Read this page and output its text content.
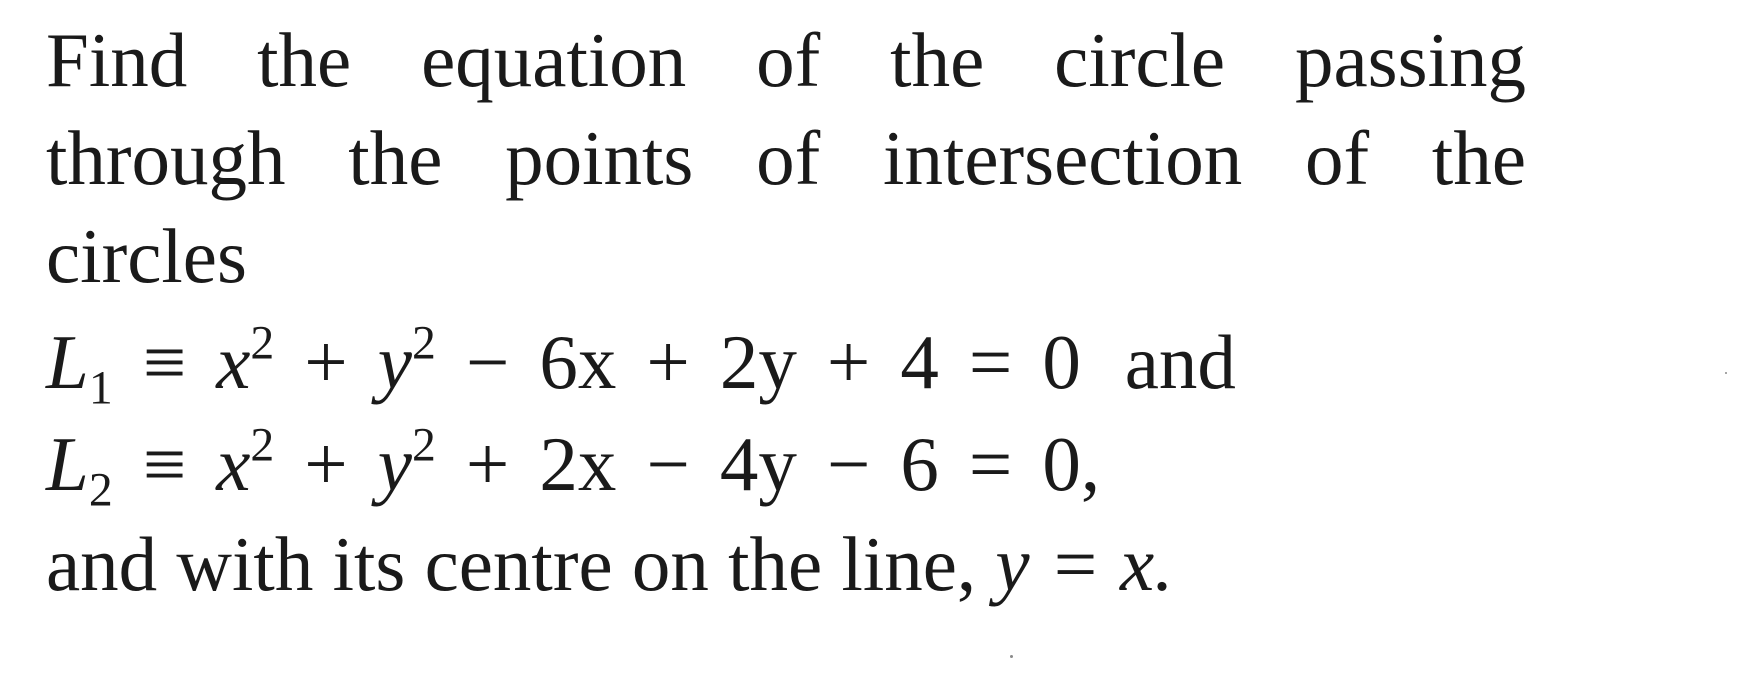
Find the equation of the circle passing
through the points of intersection of the
circles
$L_1 \equiv x^2 + y^2 - 6x + 2y + 4 = 0$ and
$L_2 \equiv x^2 + y^2 + 2x - 4y - 6 = 0$,
and with its centre on the line, y = x.
